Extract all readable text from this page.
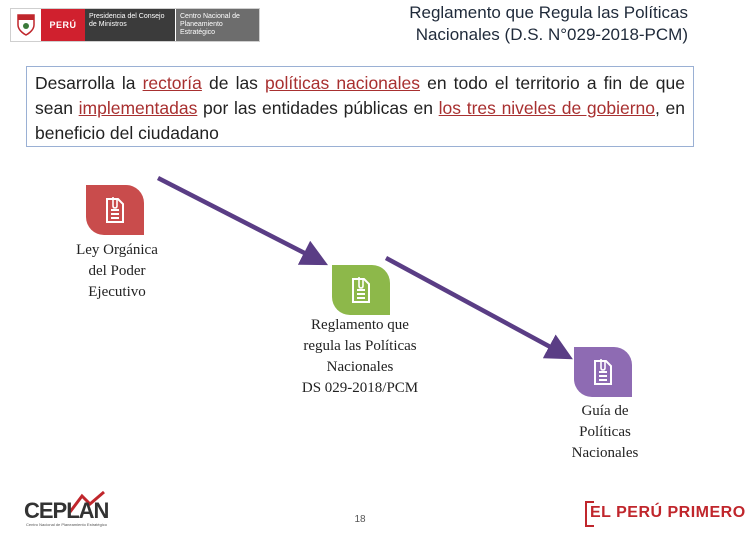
PERÚ
Presidencia del Consejo de Ministros
Centro Nacional de Planeamiento Estratégico
Reglamento que Regula las Políticas
Nacionales (D.S. N°029-2018-PCM)
Desarrolla la rectoría de las políticas nacionales en todo el territorio a fin de que sean implementadas por las entidades públicas en los tres niveles de gobierno, en beneficio del ciudadano
Ley Orgánica
del Poder
Ejecutivo
Reglamento que
regula las Políticas
Nacionales
DS 029-2018/PCM
Guía de
Políticas
Nacionales
CEPLAN
Centro Nacional de Planeamiento Estratégico	18	EL PERÚ PRIMERO
